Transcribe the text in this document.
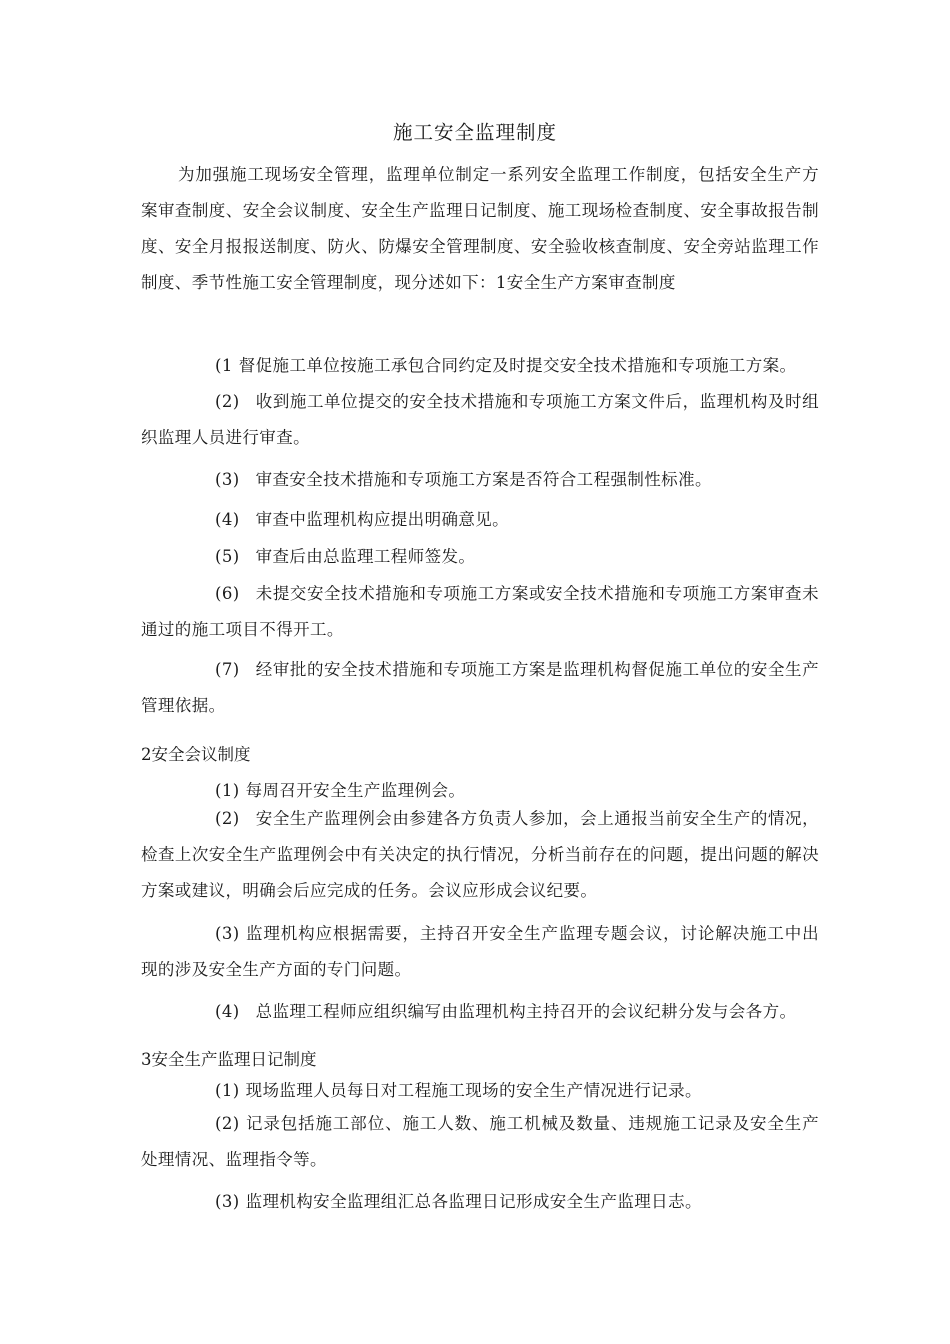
施工安全监理制度
为加强施工现场安全管理，监理单位制定一系列安全监理工作制度，包括安全生产方案审查制度、安全会议制度、安全生产监理日记制度、施工现场检查制度、安全事故报告制度、安全月报报送制度、防火、防爆安全管理制度、安全验收核查制度、安全旁站监理工作制度、季节性施工安全管理制度，现分述如下：1安全生产方案审查制度
(1 督促施工单位按施工承包合同约定及时提交安全技术措施和专项施工方案。
(2) 收到施工单位提交的安全技术措施和专项施工方案文件后，监理机构及时组织监理人员进行审查。
(3) 审查安全技术措施和专项施工方案是否符合工程强制性标准。
(4) 审查中监理机构应提出明确意见。
(5) 审查后由总监理工程师签发。
(6) 未提交安全技术措施和专项施工方案或安全技术措施和专项施工方案审查未通过的施工项目不得开工。
(7) 经审批的安全技术措施和专项施工方案是监理机构督促施工单位的安全生产管理依据。
2安全会议制度
(1) 每周召开安全生产监理例会。
(2) 安全生产监理例会由参建各方负责人参加，会上通报当前安全生产的情况，检查上次安全生产监理例会中有关决定的执行情况，分析当前存在的问题，提出问题的解决方案或建议，明确会后应完成的任务。会议应形成会议纪要。
(3) 监理机构应根据需要，主持召开安全生产监理专题会议，讨论解决施工中出现的涉及安全生产方面的专门问题。
(4) 总监理工程师应组织编写由监理机构主持召开的会议纪耕分发与会各方。
3安全生产监理日记制度
(1) 现场监理人员每日对工程施工现场的安全生产情况进行记录。
(2) 记录包括施工部位、施工人数、施工机械及数量、违规施工记录及安全生产处理情况、监理指令等。
(3) 监理机构安全监理组汇总各监理日记形成安全生产监理日志。
